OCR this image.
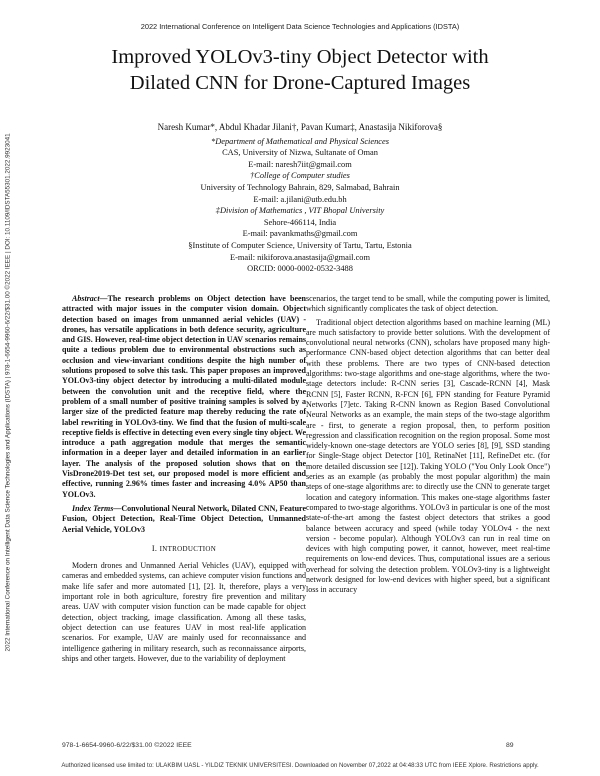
2022 International Conference on Intelligent Data Science Technologies and Applications (IDSTA)
2022 International Conference on Intelligent Data Science Technologies and Applications (IDSTA) | 978-1-6654-9960-6/22/$31.00 ©2022 IEEE | DOI: 10.1109/IDSTA55301.2022.9923041
Improved YOLOv3-tiny Object Detector with
Dilated CNN for Drone-Captured Images
Naresh Kumar*, Abdul Khadar Jilani†, Pavan Kumar‡, Anastasija Nikiforova§
*Department of Mathematical and Physical Sciences
CAS, University of Nizwa, Sultanate of Oman
E-mail: naresh7iit@gmail.com
†College of Computer studies
University of Technology Bahrain, 829, Salmabad, Bahrain
E-mail: a.jilani@utb.edu.bh
‡Division of Mathematics , VIT Bhopal University
Sehore-466114, India
E-mail: pavankmaths@gmail.com
§Institute of Computer Science, University of Tartu, Tartu, Estonia
E-mail: nikiforova.anastasija@gmail.com
ORCID: 0000-0002-0532-3488

Abstract—The research problems on Object detection have been attracted with major issues in the computer vision domain. Object detection based on images from unmanned aerial vehicles (UAV) - drones, has versatile applications in both defence security, agriculture and GIS. However, real-time object detection in UAV scenarios remains quite a tedious problem due to environmental obstructions such as occlusion and view-invariant conditions despite the high number of solutions proposed to solve this task. This paper proposes an improved YOLOv3-tiny object detector by introducing a multi-dilated module between the convolution unit and the receptive field, where the problem of a small number of positive training samples is solved by a larger size of the predicted feature map thereby reducing the rate of label rewriting in YOLOv3-tiny. We find that the fusion of multi-scale receptive fields is effective in detecting even every single tiny object. We introduce a path aggregation module that merges the semantic information in a deeper layer and detailed information in an earlier layer. The analysis of the proposed solution shows that on the VisDrone2019-Det test set, our proposed model is more efficient and effective, running 2.96% times faster and increasing 4.0% AP50 than YOLOv3.

Index Terms—Convolutional Neural Network, Dilated CNN, Feature Fusion, Object Detection, Real-Time Object Detection, Unmanned Aerial Vehicle, YOLOv3

I. INTRODUCTION

Modern drones and Unmanned Aerial Vehicles (UAV), equipped with cameras and embedded systems, can achieve computer vision functions and make life safer and more automated [1], [2]. It, therefore, plays a very important role in both agriculture, forestry fire prevention and military areas. UAV with computer vision function can be made capable for object detection, object tracking, image classification. Among all these tasks, object detection can use features UAV in most real-life application scenarios. For example, UAV are mainly used for reconnaissance and intelligence gathering in military research, such as reconnaissance airports, ships and other targets. However, due to the variability of deployment

scenarios, the target tend to be small, while the computing power is limited, which significantly complicates the task of object detection.

Traditional object detection algorithms based on machine learning (ML) are much satisfactory to provide better solutions. With the development of convolutional neural networks (CNN), scholars have proposed many high-performance CNN-based object detection algorithms that can better deal with these problems. There are two types of CNN-based detection algorithms: two-stage algorithms and one-stage algorithms, where the two-stage detectors include: R-CNN series [3], Cascade-RCNN [4], Mask RCNN [5], Faster RCNN, R-FCN [6], FPN standing for Feature Pyramid Networks [7]etc. Taking R-CNN known as Region Based Convolutional Neural Networks as an example, the main steps of the two-stage algorithm are - first, to generate a region proposal, then, to perform position regression and classification recognition on the region proposal. Some most widely-known one-stage detectors are YOLO series [8], [9], SSD standing for Single-Stage object Detector [10], RetinaNet [11], RefineDet etc. (for more detailed discussion see [12]). Taking YOLO ("You Only Look Once") series as an example (as probably the most popular algorithm) the main steps of one-stage algorithms are: to directly use the CNN to generate target location and category information. This makes one-stage algorithms faster compared to two-stage algorithms. YOLOv3 in particular is one of the most state-of-the-art among the fastest object detectors that strikes a good balance between accuracy and speed (while today YOLOv4 - the next version - become popular). Although YOLOv3 can run in real time on devices with high computing power, it cannot, however, meet real-time requirements on low-end devices. Thus, computational issues are a serious overhead for solving the detection problem. YOLOv3-tiny is a lightweight network designed for low-end devices with higher speed, but a significant loss in accuracy

978-1-6654-9960-6/22/$31.00 ©2022 IEEE	89
Authorized licensed use limited to: ULAKBIM UASL - YILDIZ TEKNIK UNIVERSITESI. Downloaded on November 07,2022 at 04:48:33 UTC from IEEE Xplore. Restrictions apply.
